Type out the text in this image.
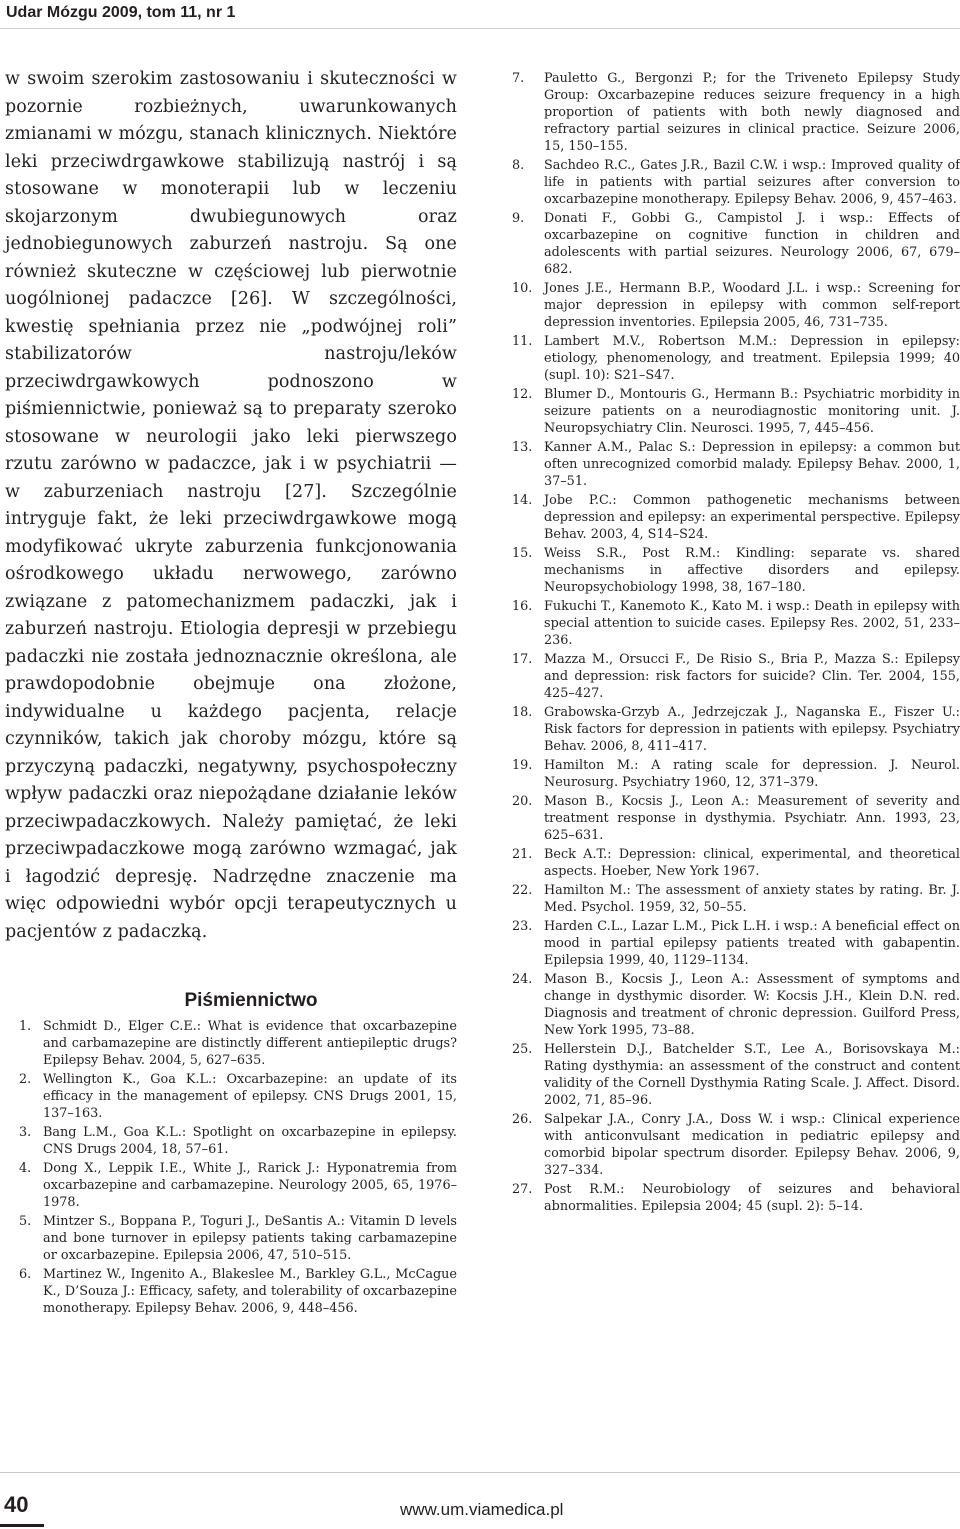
Udar Mózgu 2009, tom 11, nr 1

w swoim szerokim zastosowaniu i skuteczności w pozornie rozbieżnych, uwarunkowanych zmianami w mózgu, stanach klinicznych. Niektóre leki przeciwdrgawkowe stabilizują nastrój i są stosowane w monoterapii lub w leczeniu skojarzonym dwubiegunowych oraz jednobiegunowych zaburzeń nastroju. Są one również skuteczne w częściowej lub pierwotnie uogólnionej padaczce [26]. W szczególności, kwestię spełniania przez nie „podwójnej roli” stabilizatorów nastroju/leków przeciwdrgawkowych podnoszono w piśmiennictwie, ponieważ są to preparaty szeroko stosowane w neurologii jako leki pierwszego rzutu zarówno w padaczce, jak i w psychiatrii — w zaburzeniach nastroju [27]. Szczególnie intryguje fakt, że leki przeciwdrgawkowe mogą modyfikować ukryte zaburzenia funkcjonowania ośrodkowego układu nerwowego, zarówno związane z patomechanizmem padaczki, jak i zaburzeń nastroju. Etiologia depresji w przebiegu padaczki nie została jednoznacznie określona, ale prawdopodobnie obejmuje ona złożone, indywidualne u każdego pacjenta, relacje czynników, takich jak choroby mózgu, które są przyczyną padaczki, negatywny, psychospołeczny wpływ padaczki oraz niepożądane działanie leków przeciwpadaczkowych. Należy pamiętać, że leki przeciwpadaczkowe mogą zarówno wzmagać, jak i łagodzić depresję. Nadrzędne znaczenie ma więc odpowiedni wybór opcji terapeutycznych u pacjentów z padaczką.

Piśmiennictwo
1. Schmidt D., Elger C.E.: What is evidence that oxcarbazepine and carbamazepine are distinctly different antiepileptic drugs? Epilepsy Behav. 2004, 5, 627–635.
2. Wellington K., Goa K.L.: Oxcarbazepine: an update of its efficacy in the management of epilepsy. CNS Drugs 2001, 15, 137–163.
3. Bang L.M., Goa K.L.: Spotlight on oxcarbazepine in epilepsy. CNS Drugs 2004, 18, 57–61.
4. Dong X., Leppik I.E., White J., Rarick J.: Hyponatremia from oxcarbazepine and carbamazepine. Neurology 2005, 65, 1976–1978.
5. Mintzer S., Boppana P., Toguri J., DeSantis A.: Vitamin D levels and bone turnover in epilepsy patients taking carbamazepine or oxcarbazepine. Epilepsia 2006, 47, 510–515.
6. Martinez W., Ingenito A., Blakeslee M., Barkley G.L., McCague K., D’Souza J.: Efficacy, safety, and tolerability of oxcarbazepine monotherapy. Epilepsy Behav. 2006, 9, 448–456.
7. Pauletto G., Bergonzi P.; for the Triveneto Epilepsy Study Group: Oxcarbazepine reduces seizure frequency in a high proportion of patients with both newly diagnosed and refractory partial seizures in clinical practice. Seizure 2006, 15, 150–155.
8. Sachdeo R.C., Gates J.R., Bazil C.W. i wsp.: Improved quality of life in patients with partial seizures after conversion to oxcarbazepine monotherapy. Epilepsy Behav. 2006, 9, 457–463.
9. Donati F., Gobbi G., Campistol J. i wsp.: Effects of oxcarbazepine on cognitive function in children and adolescents with partial seizures. Neurology 2006, 67, 679–682.
10. Jones J.E., Hermann B.P., Woodard J.L. i wsp.: Screening for major depression in epilepsy with common self-report depression inventories. Epilepsia 2005, 46, 731–735.
11. Lambert M.V., Robertson M.M.: Depression in epilepsy: etiology, phenomenology, and treatment. Epilepsia 1999; 40 (supl. 10): S21–S47.
12. Blumer D., Montouris G., Hermann B.: Psychiatric morbidity in seizure patients on a neurodiagnostic monitoring unit. J. Neuropsychiatry Clin. Neurosci. 1995, 7, 445–456.
13. Kanner A.M., Palac S.: Depression in epilepsy: a common but often unrecognized comorbid malady. Epilepsy Behav. 2000, 1, 37–51.
14. Jobe P.C.: Common pathogenetic mechanisms between depression and epilepsy: an experimental perspective. Epilepsy Behav. 2003, 4, S14–S24.
15. Weiss S.R., Post R.M.: Kindling: separate vs. shared mechanisms in affective disorders and epilepsy. Neuropsychobiology 1998, 38, 167–180.
16. Fukuchi T., Kanemoto K., Kato M. i wsp.: Death in epilepsy with special attention to suicide cases. Epilepsy Res. 2002, 51, 233–236.
17. Mazza M., Orsucci F., De Risio S., Bria P., Mazza S.: Epilepsy and depression: risk factors for suicide? Clin. Ter. 2004, 155, 425–427.
18. Grabowska-Grzyb A., Jedrzejczak J., Naganska E., Fiszer U.: Risk factors for depression in patients with epilepsy. Psychiatry Behav. 2006, 8, 411–417.
19. Hamilton M.: A rating scale for depression. J. Neurol. Neurosurg. Psychiatry 1960, 12, 371–379.
20. Mason B., Kocsis J., Leon A.: Measurement of severity and treatment response in dysthymia. Psychiatr. Ann. 1993, 23, 625–631.
21. Beck A.T.: Depression: clinical, experimental, and theoretical aspects. Hoeber, New York 1967.
22. Hamilton M.: The assessment of anxiety states by rating. Br. J. Med. Psychol. 1959, 32, 50–55.
23. Harden C.L., Lazar L.M., Pick L.H. i wsp.: A beneficial effect on mood in partial epilepsy patients treated with gabapentin. Epilepsia 1999, 40, 1129–1134.
24. Mason B., Kocsis J., Leon A.: Assessment of symptoms and change in dysthymic disorder. W: Kocsis J.H., Klein D.N. red. Diagnosis and treatment of chronic depression. Guilford Press, New York 1995, 73–88.
25. Hellerstein D.J., Batchelder S.T., Lee A., Borisovskaya M.: Rating dysthymia: an assessment of the construct and content validity of the Cornell Dysthymia Rating Scale. J. Affect. Disord. 2002, 71, 85–96.
26. Salpekar J.A., Conry J.A., Doss W. i wsp.: Clinical experience with anticonvulsant medication in pediatric epilepsy and comorbid bipolar spectrum disorder. Epilepsy Behav. 2006, 9, 327–334.
27. Post R.M.: Neurobiology of seizures and behavioral abnormalities. Epilepsia 2004; 45 (supl. 2): 5–14.
40	www.um.viamedica.pl
